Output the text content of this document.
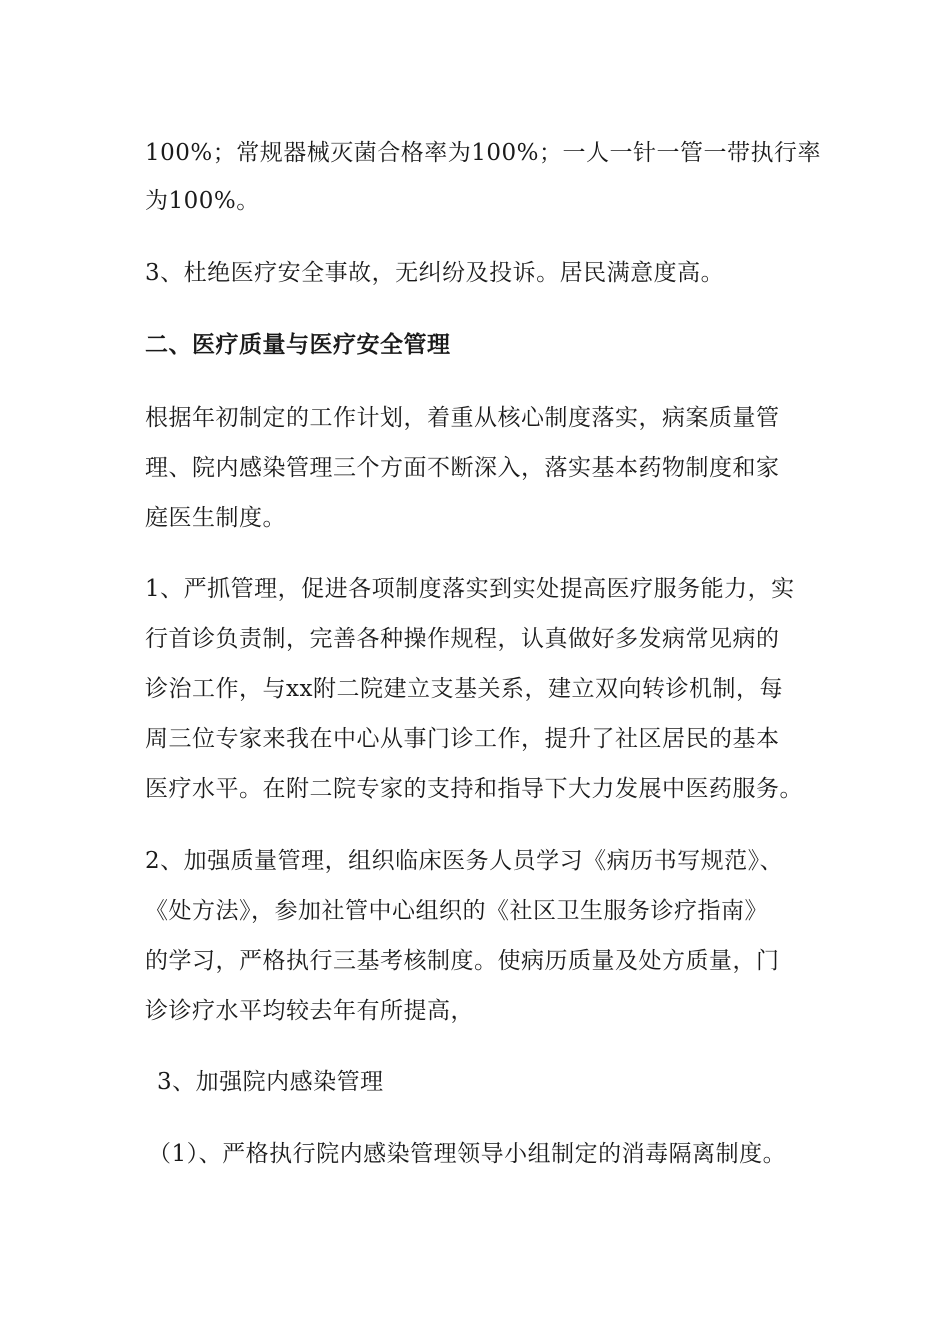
100%；常规器械灭菌合格率为100%；一人一针一管一带执行率
为100%。
3、杜绝医疗安全事故，无纠纷及投诉。居民满意度高。
二、医疗质量与医疗安全管理
根据年初制定的工作计划，着重从核心制度落实，病案质量管
理、院内感染管理三个方面不断深入，落实基本药物制度和家
庭医生制度。
1、严抓管理，促进各项制度落实到实处提高医疗服务能力，实
行首诊负责制，完善各种操作规程，认真做好多发病常见病的
诊治工作，与xx附二院建立支基关系，建立双向转诊机制，每
周三位专家来我在中心从事门诊工作，提升了社区居民的基本
医疗水平。在附二院专家的支持和指导下大力发展中医药服务。
2、加强质量管理，组织临床医务人员学习《病历书写规范》、
《处方法》，参加社管中心组织的《社区卫生服务诊疗指南》
的学习，严格执行三基考核制度。使病历质量及处方质量，门
诊诊疗水平均较去年有所提高，
3、加强院内感染管理
（1）、严格执行院内感染管理领导小组制定的消毒隔离制度。
